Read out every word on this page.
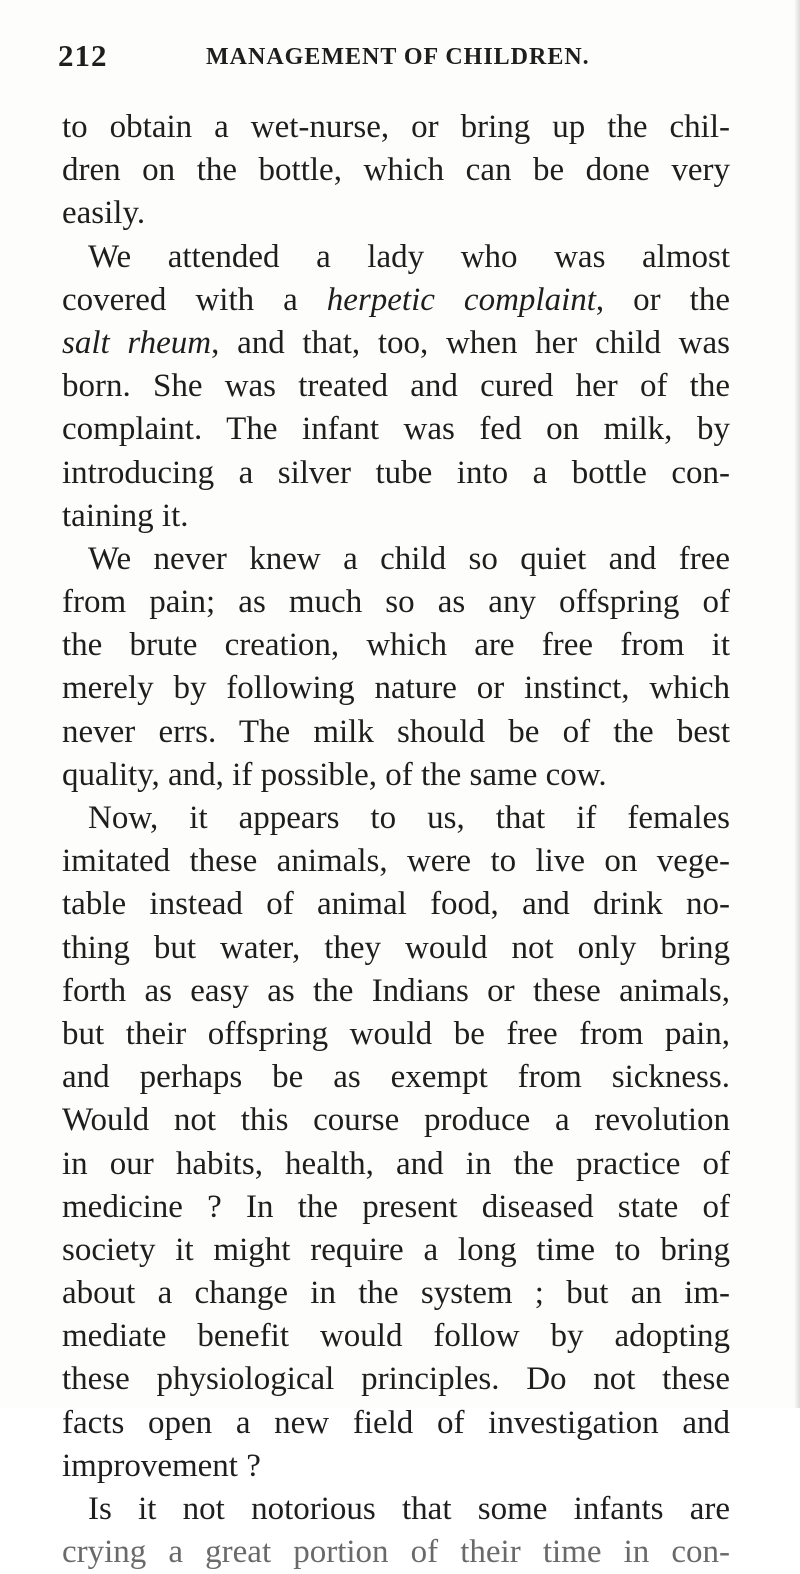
212	MANAGEMENT OF CHILDREN.
to obtain a wet-nurse, or bring up the chil-
dren on the bottle, which can be done very
easily.
We attended a lady who was almost
covered with a herpetic complaint, or the
salt rheum, and that, too, when her child was
born. She was treated and cured her of the
complaint. The infant was fed on milk, by
introducing a silver tube into a bottle con-
taining it.
We never knew a child so quiet and free
from pain; as much so as any offspring of
the brute creation, which are free from it
merely by following nature or instinct, which
never errs. The milk should be of the best
quality, and, if possible, of the same cow.
Now, it appears to us, that if females
imitated these animals, were to live on vege-
table instead of animal food, and drink no-
thing but water, they would not only bring
forth as easy as the Indians or these animals,
but their offspring would be free from pain,
and perhaps be as exempt from sickness.
Would not this course produce a revolution
in our habits, health, and in the practice of
medicine ? In the present diseased state of
society it might require a long time to bring
about a change in the system ; but an im-
mediate benefit would follow by adopting
these physiological principles. Do not these
facts open a new field of investigation and
improvement ?
Is it not notorious that some infants are
crying a great portion of their time in con-
